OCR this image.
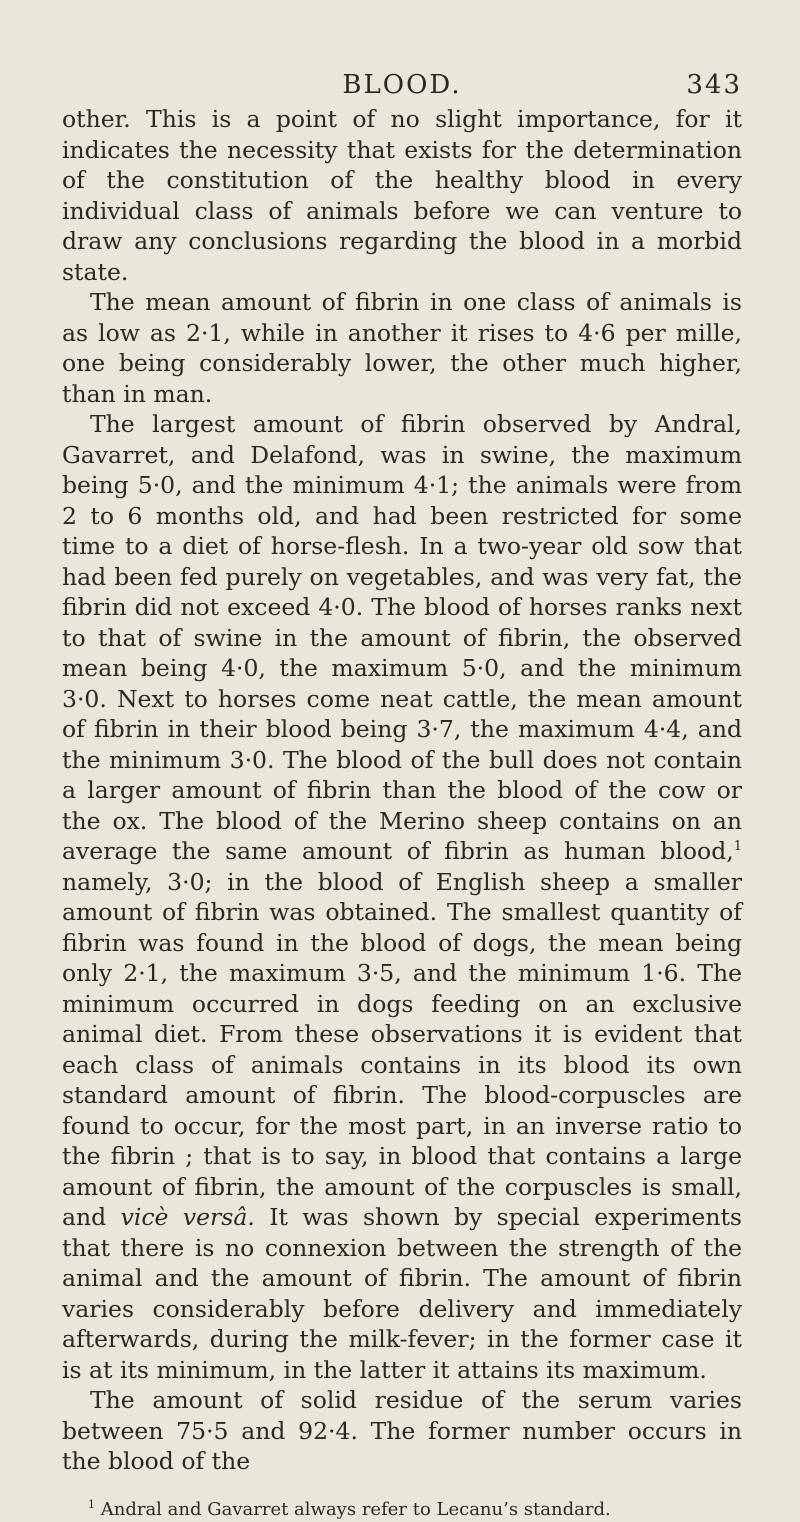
BLOOD.	343

other. This is a point of no slight importance, for it indicates the necessity that exists for the determination of the constitution of the healthy blood in every individual class of animals before we can venture to draw any conclusions regarding the blood in a morbid state.

The mean amount of fibrin in one class of animals is as low as 2·1, while in another it rises to 4·6 per mille, one being considerably lower, the other much higher, than in man.

The largest amount of fibrin observed by Andral, Gavarret, and Delafond, was in swine, the maximum being 5·0, and the minimum 4·1; the animals were from 2 to 6 months old, and had been restricted for some time to a diet of horse-flesh. In a two-year old sow that had been fed purely on vegetables, and was very fat, the fibrin did not exceed 4·0. The blood of horses ranks next to that of swine in the amount of fibrin, the observed mean being 4·0, the maximum 5·0, and the minimum 3·0. Next to horses come neat cattle, the mean amount of fibrin in their blood being 3·7, the maximum 4·4, and the minimum 3·0. The blood of the bull does not contain a larger amount of fibrin than the blood of the cow or the ox. The blood of the Merino sheep contains on an average the same amount of fibrin as human blood,$^1$ namely, 3·0; in the blood of English sheep a smaller amount of fibrin was obtained. The smallest quantity of fibrin was found in the blood of dogs, the mean being only 2·1, the maximum 3·5, and the minimum 1·6. The minimum occurred in dogs feeding on an exclusive animal diet. From these observations it is evident that each class of animals contains in its blood its own standard amount of fibrin. The blood-corpuscles are found to occur, for the most part, in an inverse ratio to the fibrin ; that is to say, in blood that contains a large amount of fibrin, the amount of the corpuscles is small, and vicè versâ. It was shown by special experiments that there is no connexion between the strength of the animal and the amount of fibrin. The amount of fibrin varies considerably before delivery and immediately afterwards, during the milk-fever; in the former case it is at its minimum, in the latter it attains its maximum.

The amount of solid residue of the serum varies between 75·5 and 92·4. The former number occurs in the blood of the

$^1$ Andral and Gavarret always refer to Lecanu’s standard.
